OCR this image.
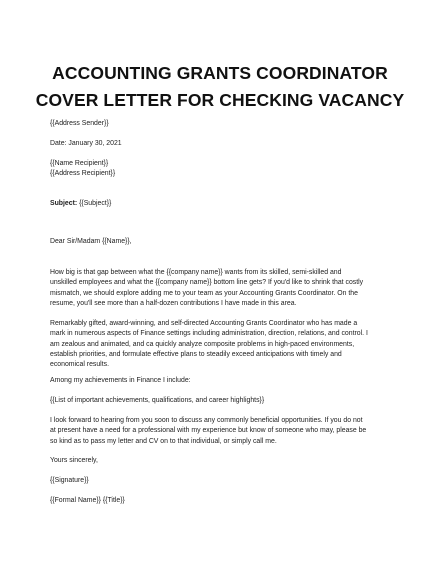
ACCOUNTING GRANTS COORDINATOR
COVER LETTER FOR CHECKING VACANCY

{{Address Sender}}

Date: January 30, 2021

{{Name Recipient}}

{{Address Recipient}}

Subject: {{Subject}}

Dear Sir/Madam {{Name}},

How big is that gap between what the {{company name}} wants from its skilled, semi-skilled and

unskilled employees and what the {{company name}} bottom line gets? If you'd like to shrink that costly

mismatch, we should explore adding me to your team as your Accounting Grants Coordinator. On the

resume, you'll see more than a half-dozen contributions I have made in this area.

Remarkably gifted, award-winning, and self-directed Accounting Grants Coordinator who has made a

mark in numerous aspects of Finance settings including administration, direction, relations, and control. I

am zealous and animated, and ca quickly analyze composite problems in high-paced environments,

establish priorities, and formulate effective plans to steadily exceed anticipations with timely and

economical results.

Among my achievements in Finance I include:

{{List of important achievements, qualifications, and career highlights}}

I look forward to hearing from you soon to discuss any commonly beneficial opportunities. If you do not

at present have a need for a professional with my experience but know of someone who may, please be

so kind as to pass my letter and CV on to that individual, or simply call me.

Yours sincerely,

{{Signature}}

{{Formal Name}} {{Title}}
